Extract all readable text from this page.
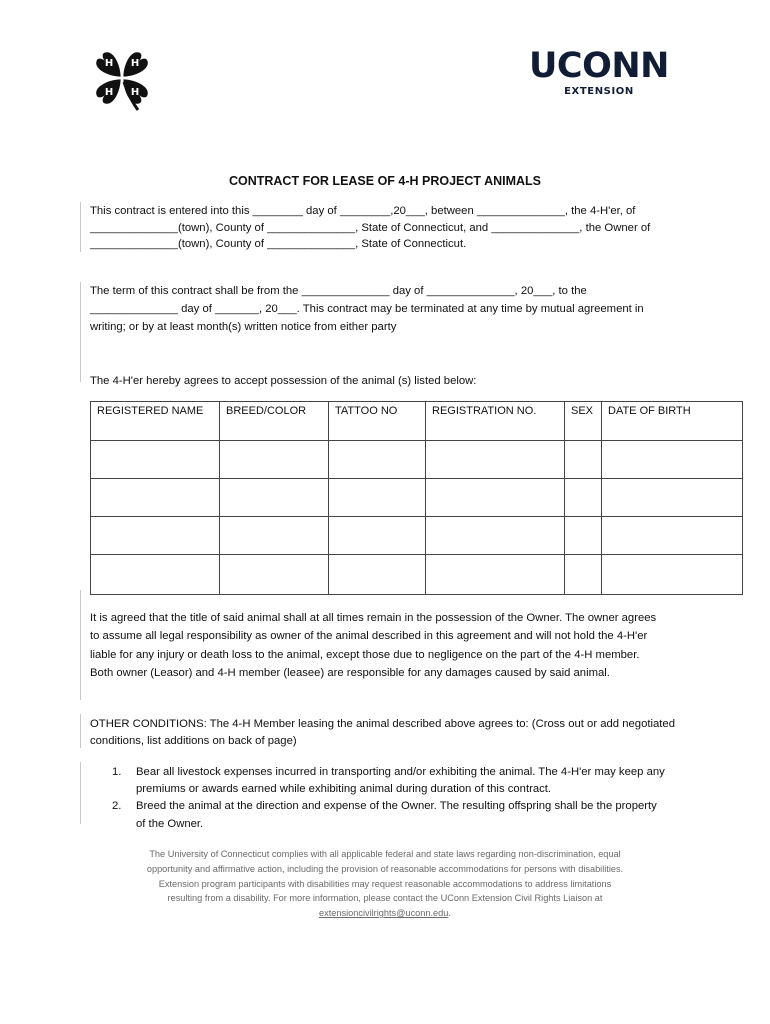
H H
H H
UCONN
EXTENSION
CONTRACT FOR LEASE OF 4-H PROJECT ANIMALS
This contract is entered into this ________ day of ________,20___, between ______________, the 4-H'er, of
______________(town), County of ______________, State of Connecticut, and ______________, the Owner of
______________(town), County of ______________, State of Connecticut.
The term of this contract shall be from the ______________ day of ______________, 20___, to the
______________ day of _______, 20___. This contract may be terminated at any time by mutual agreement in
writing; or by at least month(s) written notice from either party
The 4-H'er hereby agrees to accept possession of the animal (s) listed below:
REGISTERED NAME	BREED/COLOR	TATTOO NO	REGISTRATION NO.	SEX	DATE OF BIRTH

It is agreed that the title of said animal shall at all times remain in the possession of the Owner. The owner agrees
to assume all legal responsibility as owner of the animal described in this agreement and will not hold the 4-H'er
liable for any injury or death loss to the animal, except those due to negligence on the part of the 4-H member.
Both owner (Leasor) and 4-H member (leasee) are responsible for any damages caused by said animal.
OTHER CONDITIONS: The 4-H Member leasing the animal described above agrees to: (Cross out or add negotiated
conditions, list additions on back of page)
1. Bear all livestock expenses incurred in transporting and/or exhibiting the animal. The 4-H'er may keep any
premiums or awards earned while exhibiting animal during duration of this contract.
2. Breed the animal at the direction and expense of the Owner. The resulting offspring shall be the property
of the Owner.
The University of Connecticut complies with all applicable federal and state laws regarding non-discrimination, equal
opportunity and affirmative action, including the provision of reasonable accommodations for persons with disabilities.
Extension program participants with disabilities may request reasonable accommodations to address limitations
resulting from a disability. For more information, please contact the UConn Extension Civil Rights Liaison at
extensioncivilrights@uconn.edu.
